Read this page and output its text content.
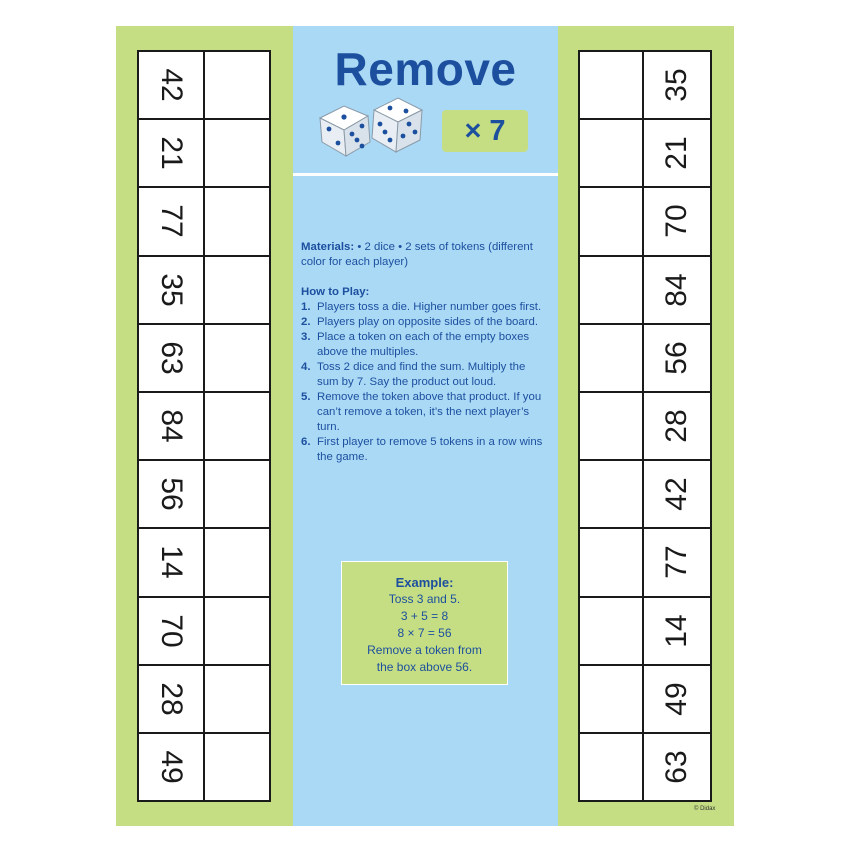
42
21
77
35
63
84
56
14
70
28
49
35
21
70
84
56
28
42
77
14
49
63
Remove
× 7

Materials: • 2 dice • 2 sets of tokens (different color for each player)

How to Play:
1. Players toss a die. Higher number goes first.
2. Players play on opposite sides of the board.
3. Place a token on each of the empty boxes above the multiples.
4. Toss 2 dice and find the sum. Multiply the sum by 7. Say the product out loud.
5. Remove the token above that product. If you can’t remove a token, it’s the next player’s turn.
6. First player to remove 5 tokens in a row wins the game.
Example:
Toss 3 and 5.
3 + 5 = 8
8 × 7 = 56
Remove a token from
the box above 56.
© Didax
